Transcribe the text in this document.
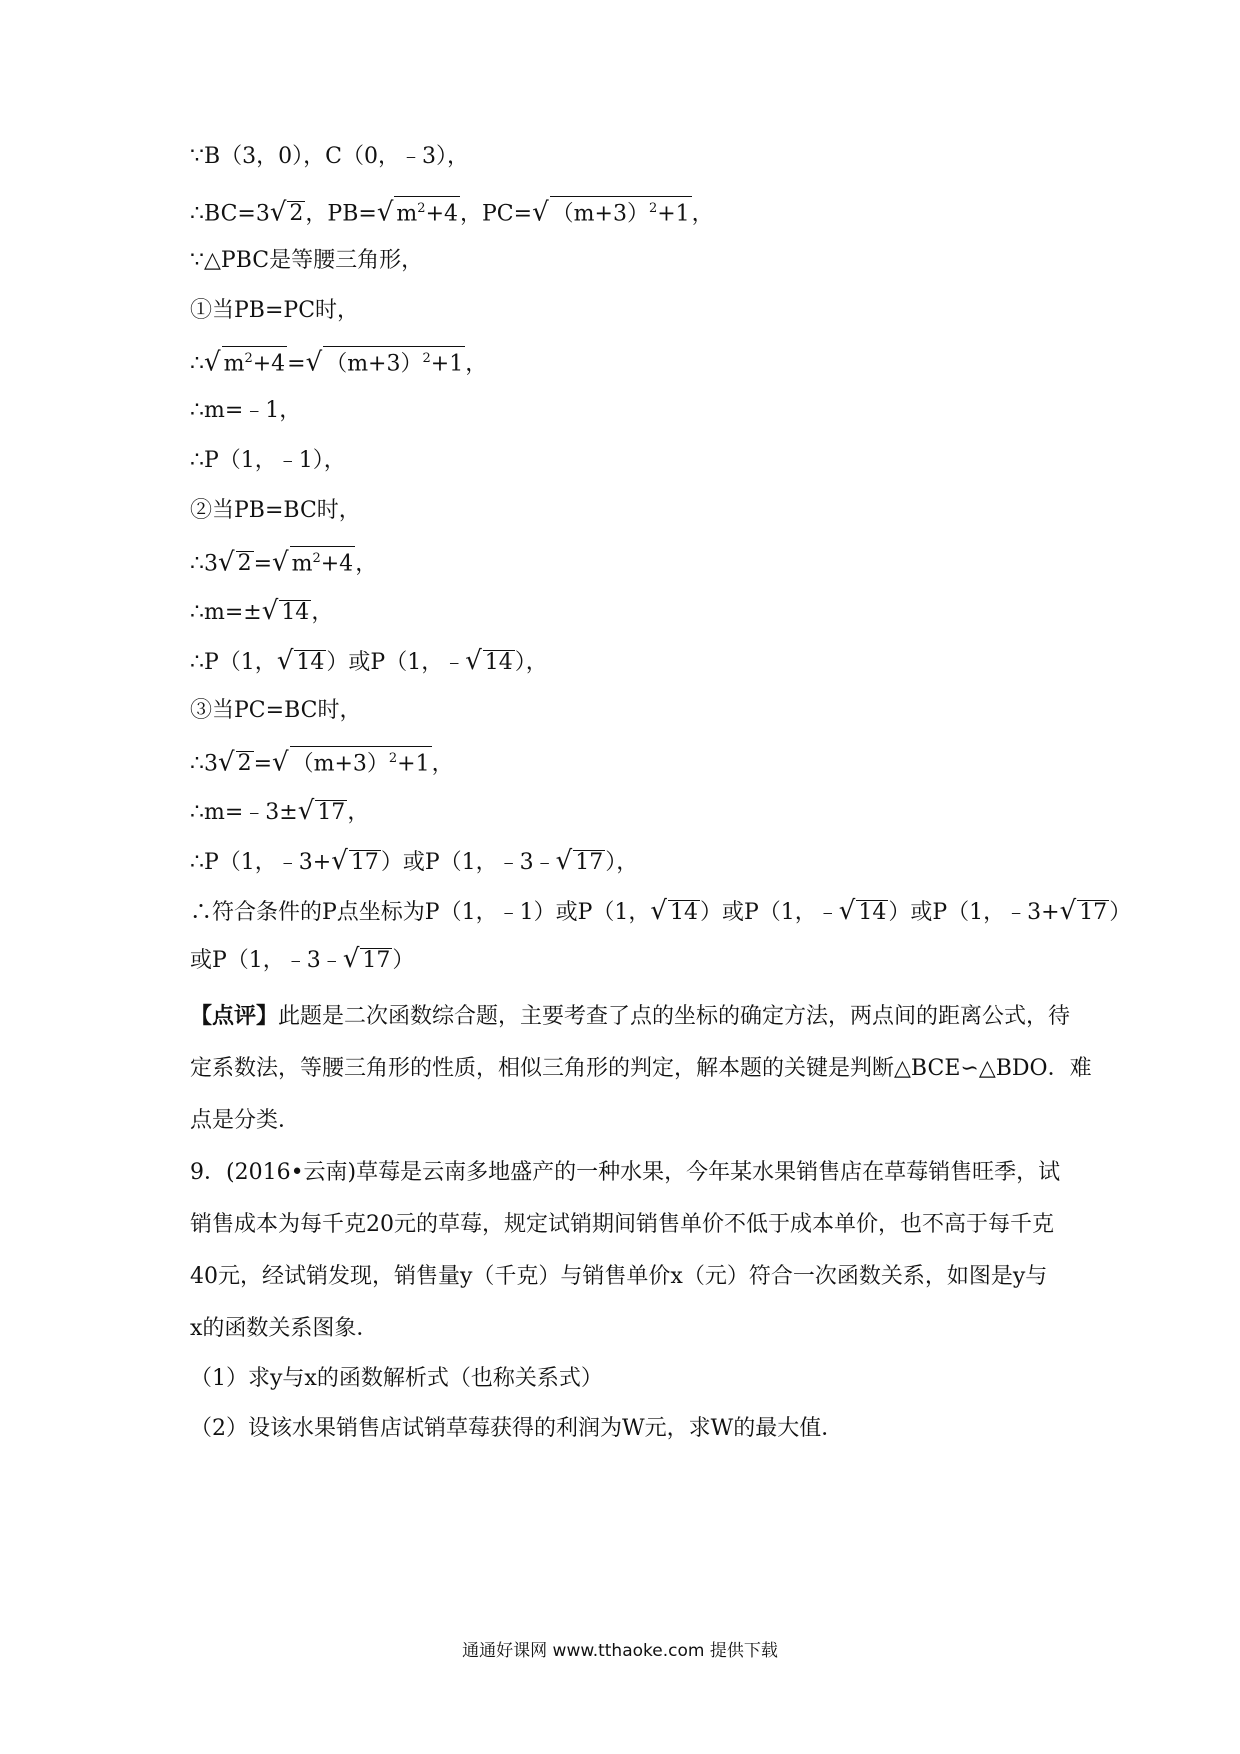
∵B（3，0），C（0，﹣3），
∴BC=3√ 2，PB=√ $m^2+4$，PC=√ $(m+3)^2+1$，
∵△PBC是等腰三角形，
①当PB=PC时，
∴√ $m^2+4=√$ $(m+3)^2+1$，
∴m=﹣1，
∴P（1，﹣1），
②当PB=BC时，
∴3√ 2=√ $m^2+4$，
∴m=±√ 14，
∴P（1，√ 14）或P（1，﹣√ 14），
③当PC=BC时，
∴3√ 2=√ $(m+3)^2+1$，
∴m=﹣3±√ 17，
∴P（1，﹣3+√ 17）或P（1，﹣3﹣√ 17），
∴符合条件的P点坐标为P（1，﹣1）或P（1，√ 14）或P（1，﹣√ 14）或P（1，﹣3+√ 17）
或P（1，﹣3﹣√ 17）
【点评】此题是二次函数综合题，主要考查了点的坐标的确定方法，两点间的距离公式，待
定系数法，等腰三角形的性质，相似三角形的判定，解本题的关键是判断△BCE∽△BDO．难
点是分类．
9．(2016•云南)草莓是云南多地盛产的一种水果，今年某水果销售店在草莓销售旺季，试
销售成本为每千克20元的草莓，规定试销期间销售单价不低于成本单价，也不高于每千克
40元，经试销发现，销售量y（千克）与销售单价x（元）符合一次函数关系，如图是y与
x的函数关系图象．
（1）求y与x的函数解析式（也称关系式）
（2）设该水果销售店试销草莓获得的利润为W元，求W的最大值．
通通好课网 www.tthaoke.com 提供下载
